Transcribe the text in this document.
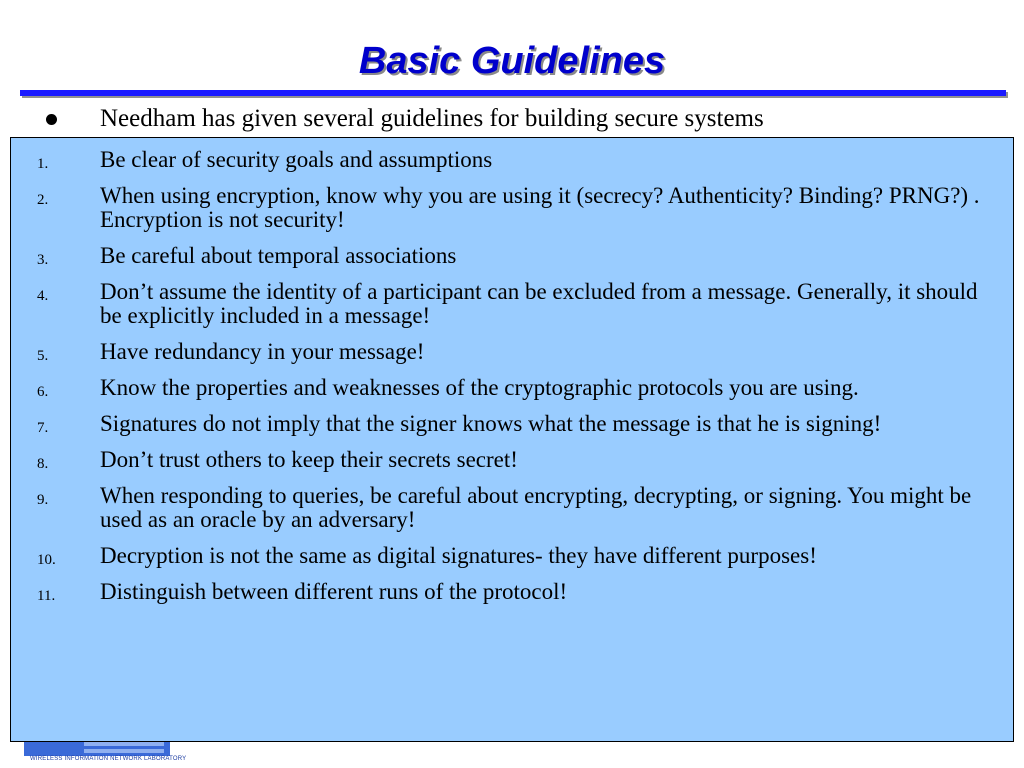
Basic Guidelines
Needham has given several guidelines for building secure systems
WIRELESS INFORMATION NETWORK LABORATORY
1.	Be clear of security goals and assumptions
2.	When using encryption, know why you are using it (secrecy? Authenticity? Binding? PRNG?) . Encryption is not security!
3.	Be careful about temporal associations
4.	Don’t assume the identity of a participant can be excluded from a message. Generally, it should be explicitly included in a message!
5.	Have redundancy in your message!
6.	Know the properties and weaknesses of the cryptographic protocols you are using.
7.	Signatures do not imply that the signer knows what the message is that he is signing!
8.	Don’t trust others to keep their secrets secret!
9.	When responding to queries, be careful about encrypting, decrypting, or signing. You might be used as an oracle by an adversary!
10.	Decryption is not the same as digital signatures- they have different purposes!
11.	Distinguish between different runs of the protocol!
